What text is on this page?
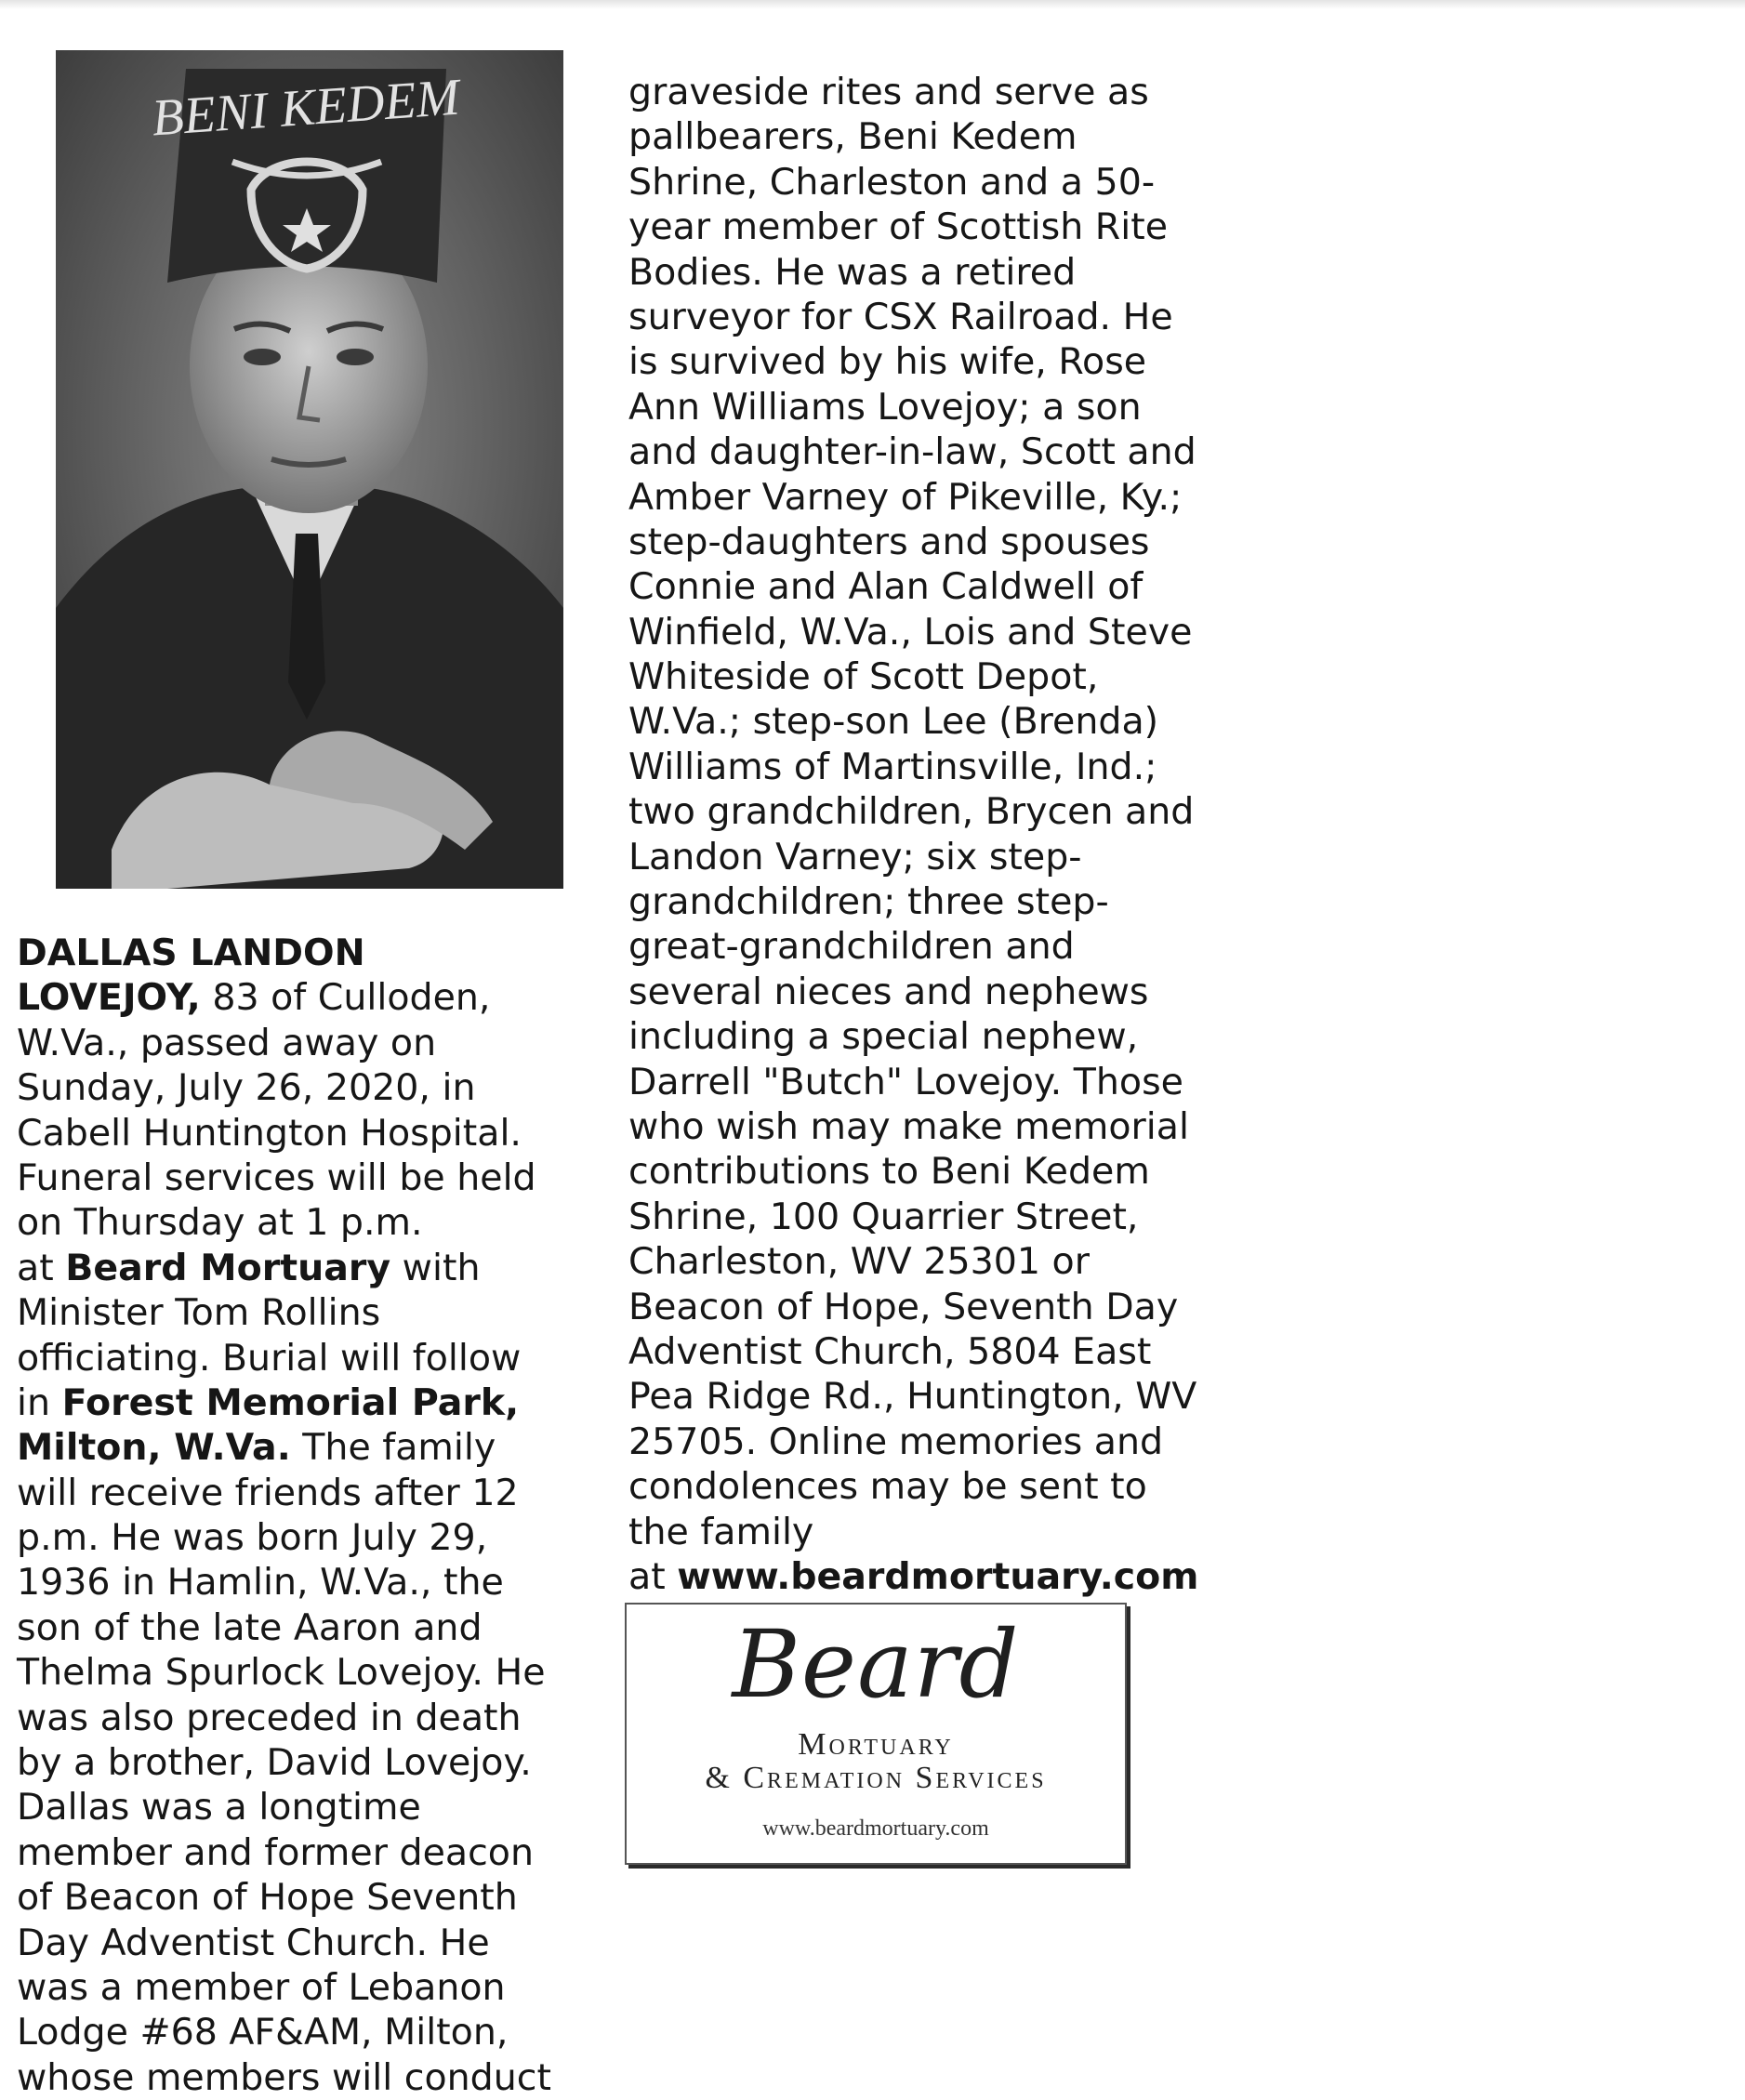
BENI KEDEM
DALLAS LANDON
LOVEJOY, 83 of Culloden,
W.Va., passed away on
Sunday, July 26, 2020, in
Cabell Huntington Hospital.
Funeral services will be held
on Thursday at 1 p.m.
at Beard Mortuary with
Minister Tom Rollins
officiating. Burial will follow
in Forest Memorial Park,
Milton, W.Va. The family
will receive friends after 12
p.m. He was born July 29,
1936 in Hamlin, W.Va., the
son of the late Aaron and
Thelma Spurlock Lovejoy. He
was also preceded in death
by a brother, David Lovejoy.
Dallas was a longtime
member and former deacon
of Beacon of Hope Seventh
Day Adventist Church. He
was a member of Lebanon
Lodge #68 AF&AM, Milton,
whose members will conduct
graveside rites and serve as
pallbearers, Beni Kedem
Shrine, Charleston and a 50-
year member of Scottish Rite
Bodies. He was a retired
surveyor for CSX Railroad. He
is survived by his wife, Rose
Ann Williams Lovejoy; a son
and daughter-in-law, Scott and
Amber Varney of Pikeville, Ky.;
step-daughters and spouses
Connie and Alan Caldwell of
Winfield, W.Va., Lois and Steve
Whiteside of Scott Depot,
W.Va.; step-son Lee (Brenda)
Williams of Martinsville, Ind.;
two grandchildren, Brycen and
Landon Varney; six step-
grandchildren; three step-
great-grandchildren and
several nieces and nephews
including a special nephew,
Darrell "Butch" Lovejoy. Those
who wish may make memorial
contributions to Beni Kedem
Shrine, 100 Quarrier Street,
Charleston, WV 25301 or
Beacon of Hope, Seventh Day
Adventist Church, 5804 East
Pea Ridge Rd., Huntington, WV
25705. Online memories and
condolences may be sent to
the family
at www.beardmortuary.com
Beard
Mortuary
& Cremation Services
www.beardmortuary.com
